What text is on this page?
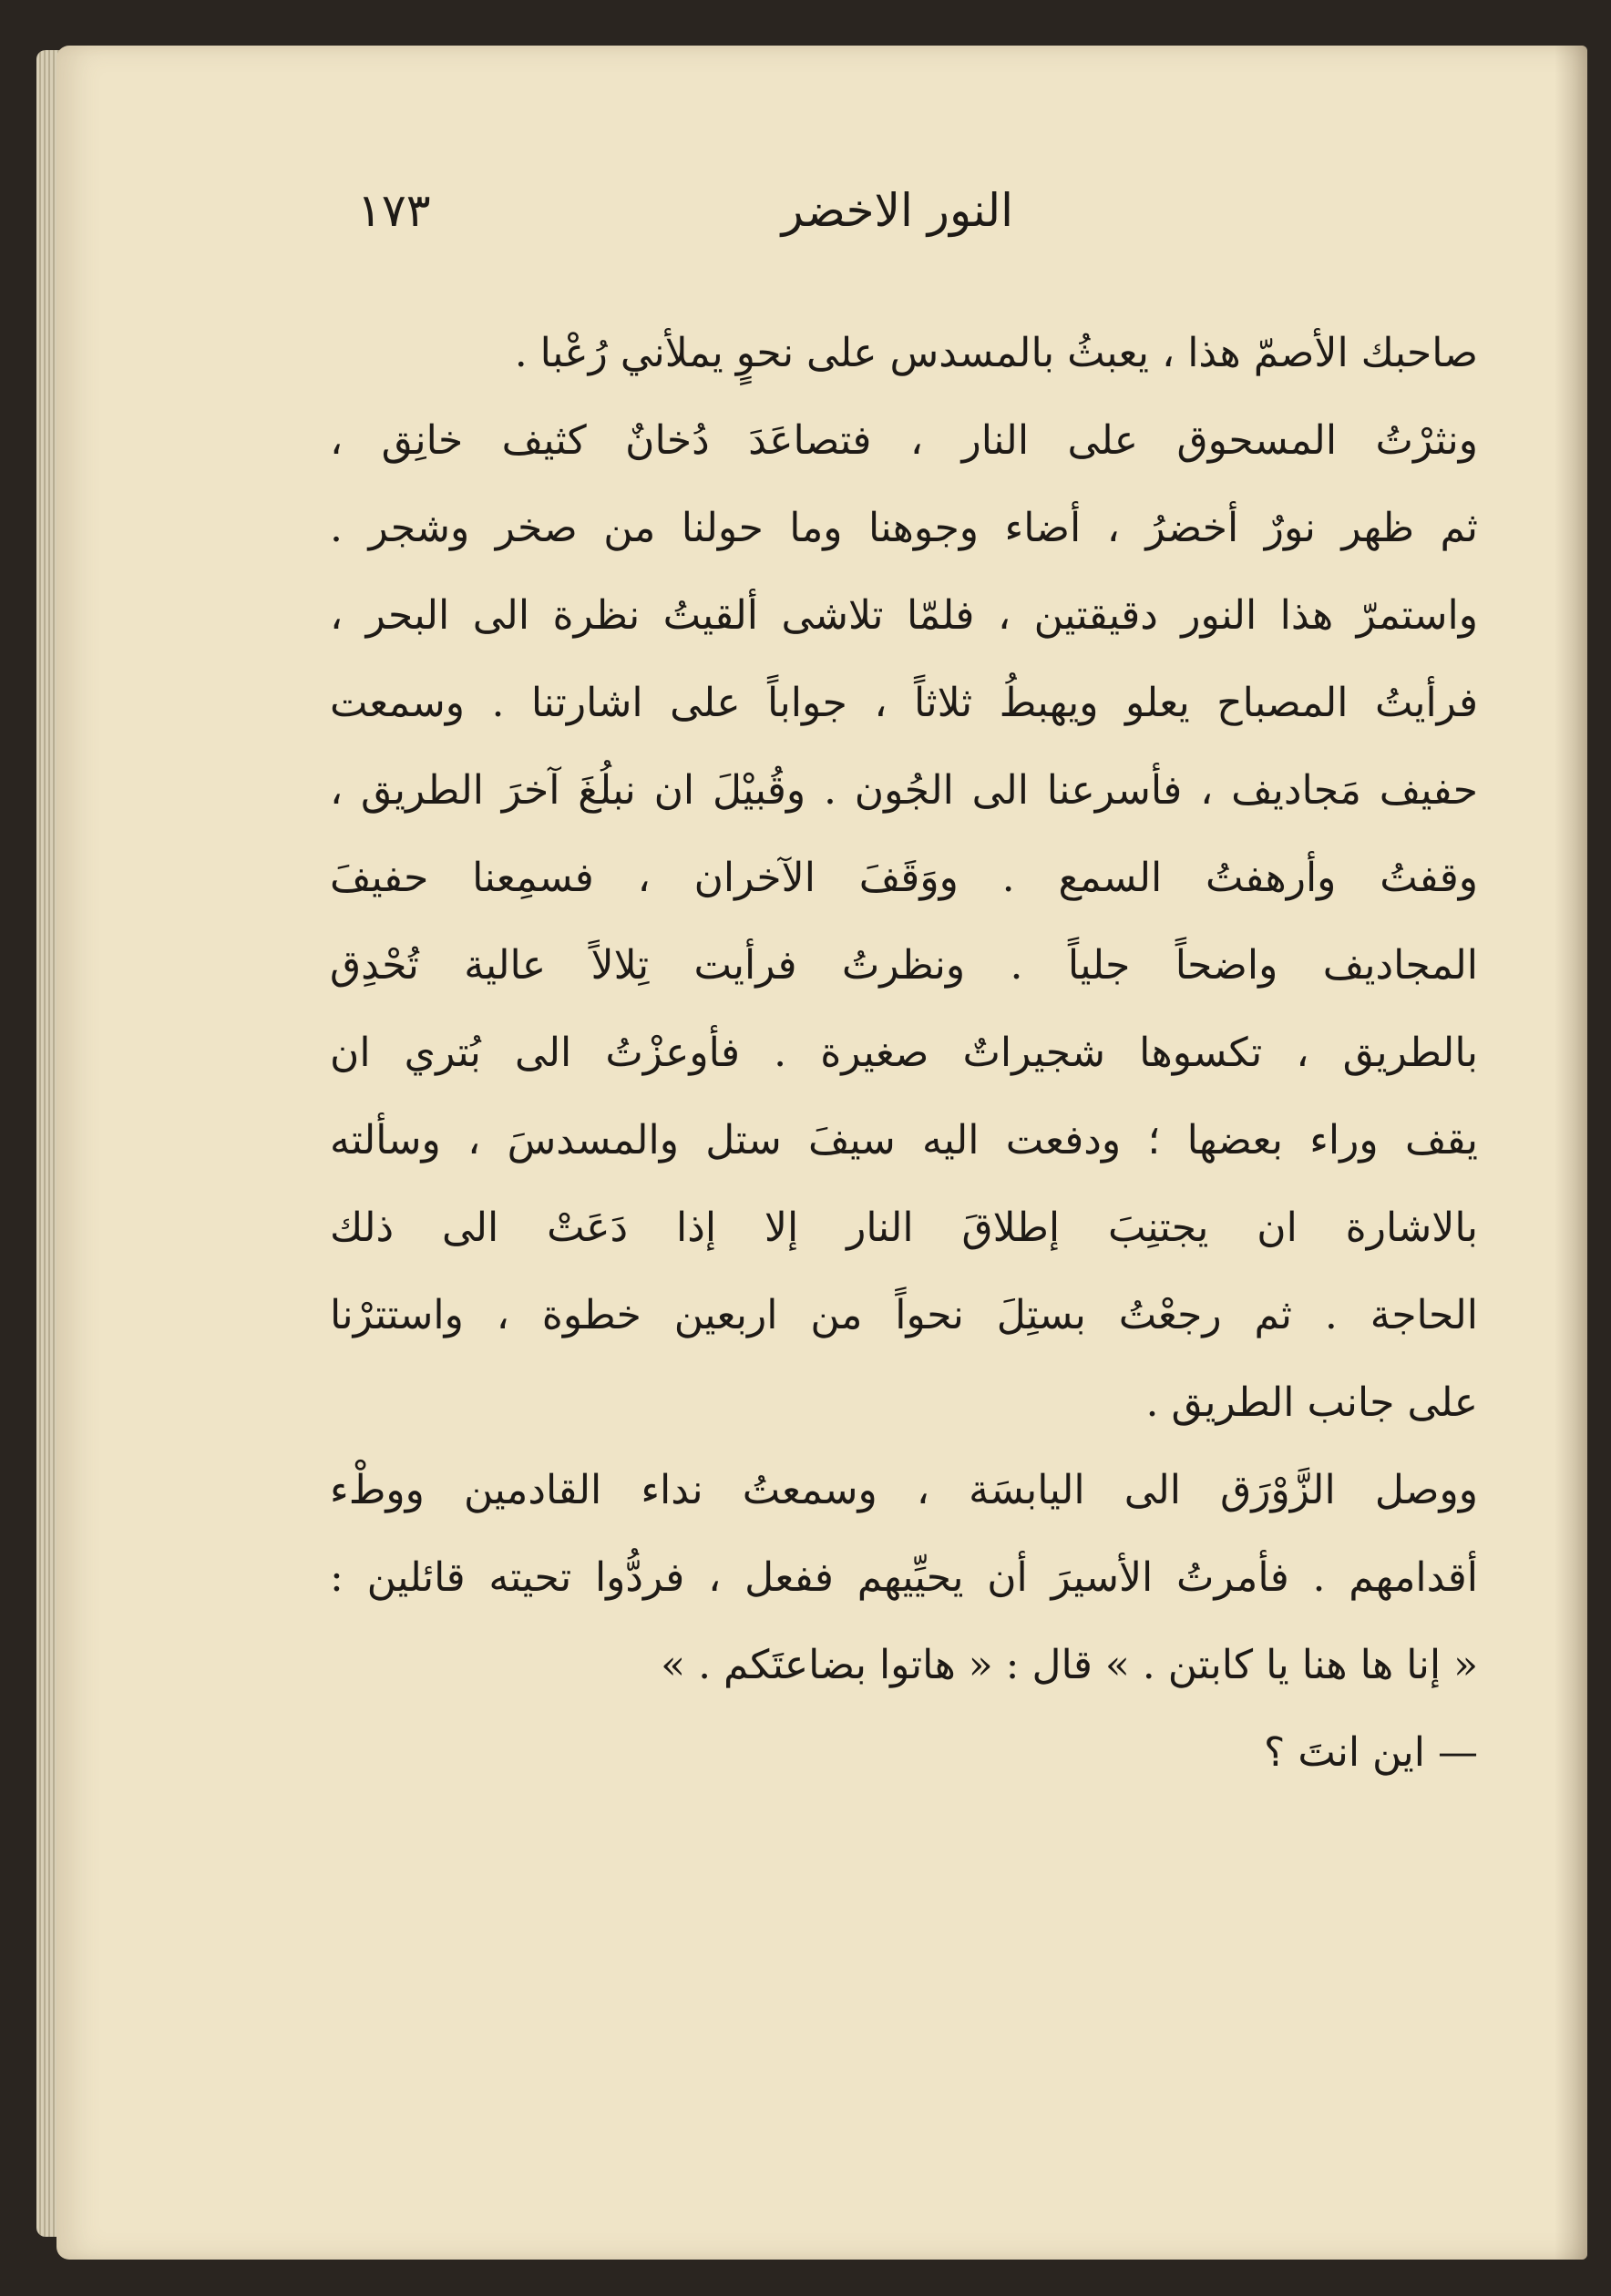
النور الاخضر
١٧٣
صاحبك الأصمّ هذا ، يعبثُ بالمسدس على نحوٍ يملأني رُعْبا .
ونثرْتُ المسحوق على النار ، فتصاعَدَ دُخانٌ كثيف خانِق ،
ثم ظهر نورٌ أخضرُ ، أضاء وجوهنا وما حولنا من صخر وشجر .
واستمرّ هذا النور دقيقتين ، فلمّا تلاشى ألقيتُ نظرة الى البحر ،
فرأيتُ المصباح يعلو ويهبطُ ثلاثاً ، جواباً على اشارتنا . وسمعت
حفيف مَجاديف ، فأسرعنا الى الجُون . وقُبيْلَ ان نبلُغَ آخرَ الطريق ،
وقفتُ وأرهفتُ السمع . ووَقَفَ الآخران ، فسمِعنا حفيفَ
المجاديف واضحاً جلياً . ونظرتُ فرأيت تِلالاً عالية تُحْدِق
بالطريق ، تكسوها شجيراتٌ صغيرة . فأوعزْتُ الى بُتري ان
يقف وراء بعضها ؛ ودفعت اليه سيفَ ستل والمسدسَ ، وسألته
بالاشارة ان يجتنِبَ إطلاقَ النار إلا إذا دَعَتْ الى ذلك
الحاجة . ثم رجعْتُ بستِلَ نحواً من اربعين خطوة ، واستترْنا
على جانب الطريق .
ووصل الزَّوْرَق الى اليابسَة ، وسمعتُ نداء القادمين ووطْء
أقدامهم . فأمرتُ الأسيرَ أن يحيِّيهم ففعل ، فردُّوا تحيته قائلين :
« إنا ها هنا يا كابتن . » قال : « هاتوا بضاعتَكم . »
— اين انتَ ؟
